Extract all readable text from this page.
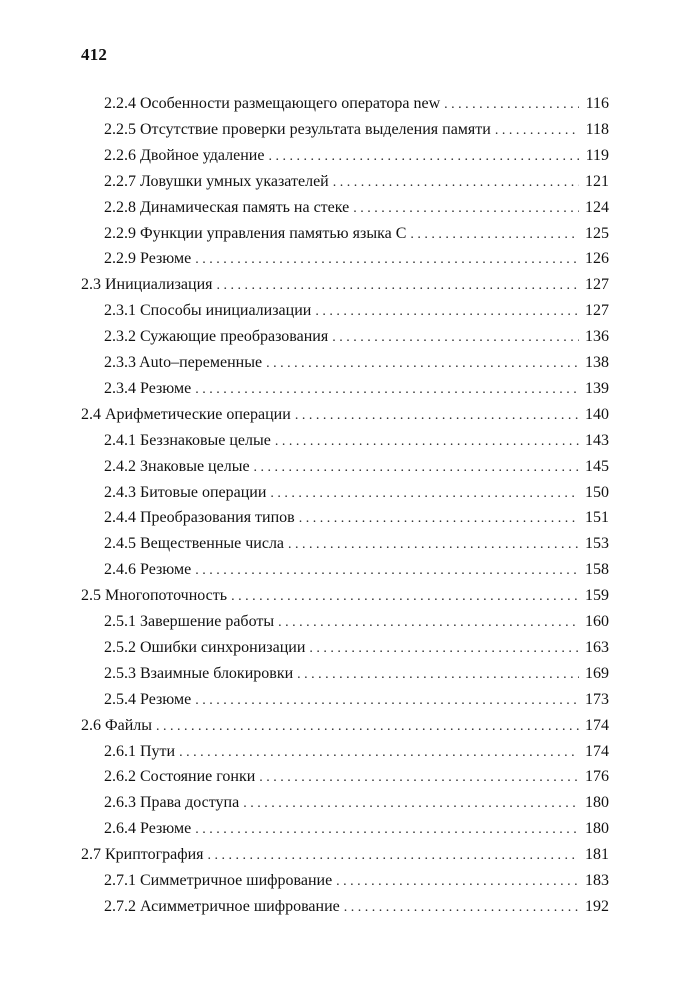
412
2.2.4 Особенности размещающего оператора new . . .	116
2.2.5 Отсутствие проверки результата выделения памяти . . .	118
2.2.6 Двойное удаление . . .	119
2.2.7 Ловушки умных указателей . . .	121
2.2.8 Динамическая память на стеке . . .	124
2.2.9 Функции управления памятью языка С . . .	125
2.2.9 Резюме . . .	126
2.3 Инициализация . . .	127
2.3.1 Способы инициализации . . .	127
2.3.2 Сужающие преобразования . . .	136
2.3.3 Auto–переменные . . .	138
2.3.4 Резюме . . .	139
2.4 Арифметические операции . . .	140
2.4.1 Беззнаковые целые . . .	143
2.4.2 Знаковые целые . . .	145
2.4.3 Битовые операции . . .	150
2.4.4 Преобразования типов . . .	151
2.4.5 Вещественные числа . . .	153
2.4.6 Резюме . . .	158
2.5 Многопоточность . . .	159
2.5.1 Завершение работы . . .	160
2.5.2 Ошибки синхронизации . . .	163
2.5.3 Взаимные блокировки . . .	169
2.5.4 Резюме . . .	173
2.6 Файлы . . .	174
2.6.1 Пути . . .	174
2.6.2 Состояние гонки . . .	176
2.6.3 Права доступа . . .	180
2.6.4 Резюме . . .	180
2.7 Криптография . . .	181
2.7.1 Симметричное шифрование . . .	183
2.7.2 Асимметричное шифрование . . .	192
